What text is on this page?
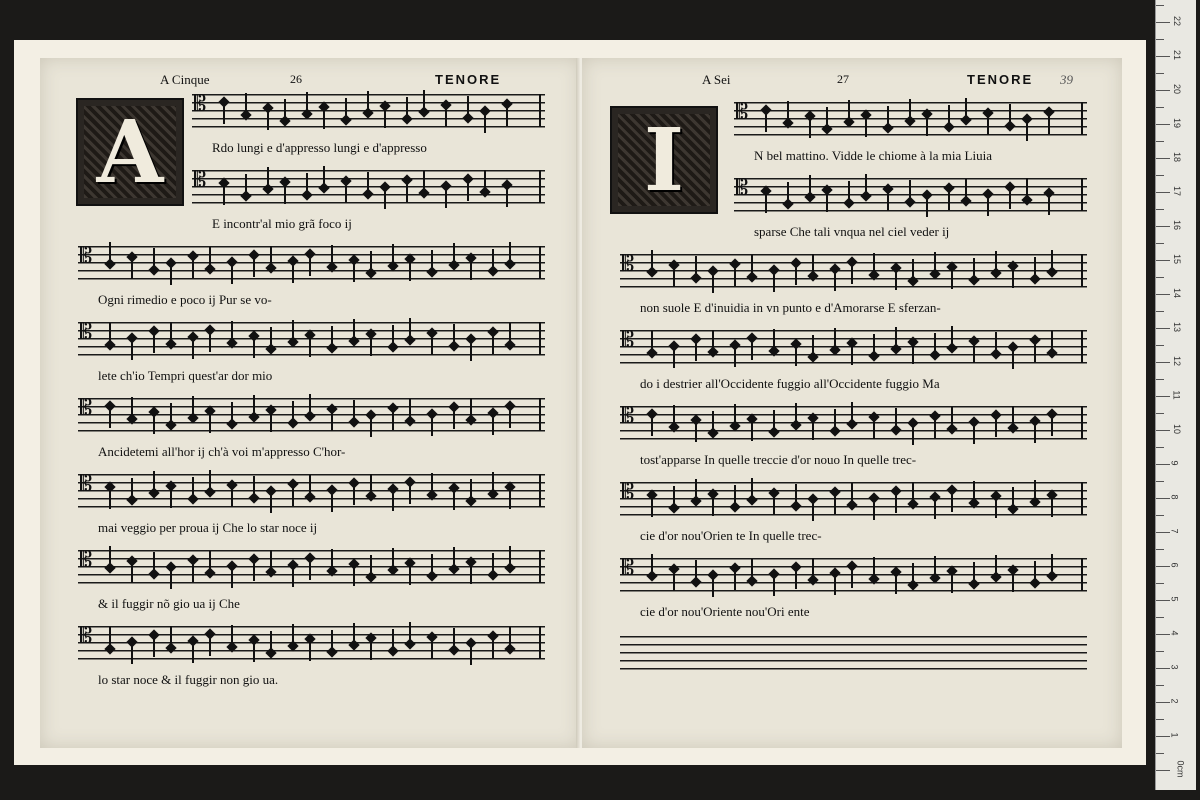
A Cinque	26	TENORE
A 𝄡
Rdo lungi e d'appresso lungi e d'appresso
𝄡
E incontr'al mio grã foco ij
𝄡
Ogni rimedio e poco ij Pur se vo-
𝄡
lete ch'io Tempri quest'ar dor mio
𝄡
Ancidetemi all'hor ij ch'à voi m'appresso C'hor-
𝄡
mai veggio per proua ij Che lo star noce ij
𝄡
& il fuggir nõ gio ua ij Che
𝄡
lo star noce & il fuggir non gio ua.
A Sei	27	TENORE 39
I 𝄡
N bel mattino. Vidde le chiome à la mia Liuia
𝄡
sparse Che tali vnqua nel ciel veder ij
𝄡
non suole E d'inuidia in vn punto e d'Amorarse E sferzan-
𝄡
do i destrier all'Occidente fuggio all'Occidente fuggio Ma
𝄡
tost'apparse In quelle treccie d'or nouo In quelle trec-
𝄡
cie d'or nou'Orien te In quelle trec-
𝄡
cie d'or nou'Oriente nou'Ori ente
0cm
1
2
3
4
5
6
7
8
9
10
11
12
13
14
15
16
17
18
19
20
21
22
